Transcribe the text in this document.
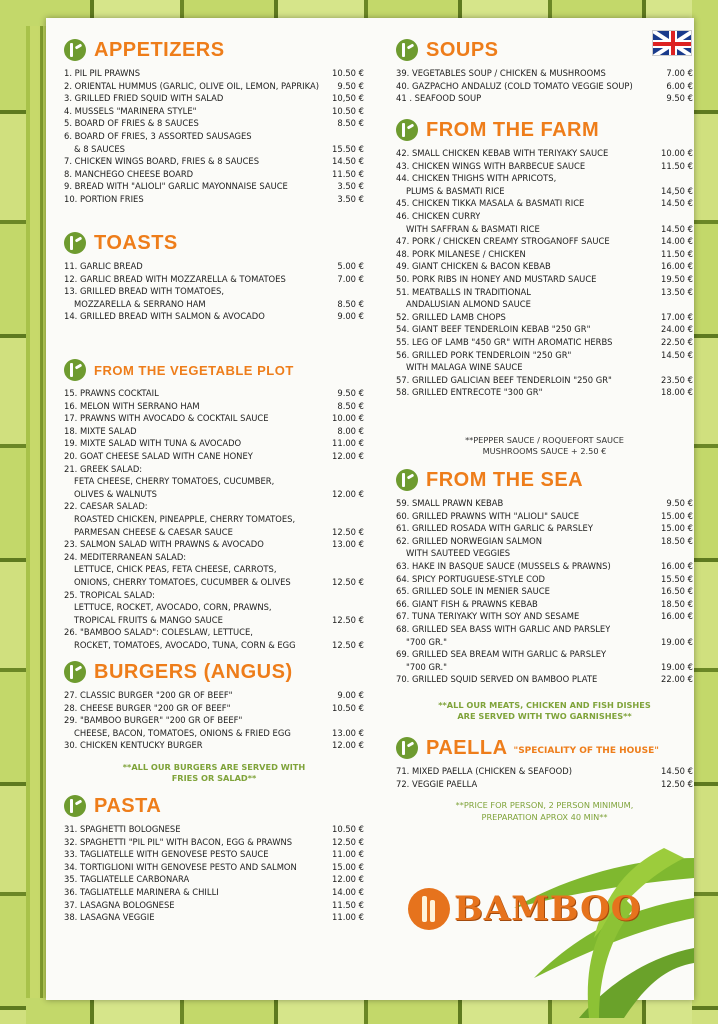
APPETIZERS
1. PIL PIL PRAWNS	10.50 €
2. ORIENTAL HUMMUS (GARLIC, OLIVE OIL, LEMON, PAPRIKA)	9.50 €
3. GRILLED FRIED SQUID WITH SALAD	10,50 €
4. MUSSELS "MARINERA STYLE"	10.50 €
5. BOARD OF FRIES & 8 SAUCES	8.50 €
6. BOARD OF FRIES, 3 ASSORTED SAUSAGES
& 8 SAUCES	15.50 €
7. CHICKEN WINGS BOARD, FRIES & 8 SAUCES	14.50 €
8. MANCHEGO CHEESE BOARD	11.50 €
9. BREAD WITH "ALIOLI" GARLIC MAYONNAISE SAUCE	3.50 €
10. PORTION FRIES	3.50 €
TOASTS
11. GARLIC BREAD	5.00 €
12. GARLIC BREAD WITH MOZZARELLA & TOMATOES	7.00 €
13. GRILLED BREAD WITH TOMATOES,
MOZZARELLA & SERRANO HAM	8.50 €
14. GRILLED BREAD WITH SALMON & AVOCADO	9.00 €
FROM THE VEGETABLE PLOT
15. PRAWNS COCKTAIL	9.50 €
16. MELON WITH SERRANO HAM	8.50 €
17. PRAWNS WITH AVOCADO & COCKTAIL SAUCE	10.00 €
18. MIXTE SALAD	8.00 €
19. MIXTE SALAD WITH TUNA & AVOCADO	11.00 €
20. GOAT CHEESE SALAD WITH CANE HONEY	12.00 €
21. GREEK SALAD:
FETA CHEESE, CHERRY TOMATOES, CUCUMBER,
OLIVES & WALNUTS	12.00 €
22. CAESAR SALAD:
ROASTED CHICKEN, PINEAPPLE, CHERRY TOMATOES,
PARMESAN CHEESE & CAESAR SAUCE	12.50 €
23. SALMON SALAD WITH PRAWNS & AVOCADO	13.00 €
24. MEDITERRANEAN SALAD:
LETTUCE, CHICK PEAS, FETA CHEESE, CARROTS,
ONIONS, CHERRY TOMATOES, CUCUMBER & OLIVES	12.50 €
25. TROPICAL SALAD:
LETTUCE, ROCKET, AVOCADO, CORN, PRAWNS,
TROPICAL FRUITS & MANGO SAUCE	12.50 €
26. "BAMBOO SALAD": COLESLAW, LETTUCE,
ROCKET, TOMATOES, AVOCADO, TUNA, CORN & EGG	12.50 €
BURGERS (ANGUS)
27. CLASSIC BURGER "200 GR OF BEEF"	9.00 €
28. CHEESE BURGER "200 GR OF BEEF"	10.50 €
29. "BAMBOO BURGER" "200 GR OF BEEF"
CHEESE, BACON, TOMATOES, ONIONS & FRIED EGG	13.00 €
30. CHICKEN KENTUCKY BURGER	12.00 €
**ALL OUR BURGERS ARE SERVED WITH
FRIES OR SALAD**
PASTA
31. SPAGHETTI BOLOGNESE	10.50 €
32. SPAGHETTI "PIL PIL" WITH BACON, EGG & PRAWNS	12.50 €
33. TAGLIATELLE WITH GENOVESE PESTO SAUCE	11.00 €
34. TORTIGLIONI WITH GENOVESE PESTO AND SALMON	15.00 €
35. TAGLIATELLE CARBONARA	12.00 €
36. TAGLIATELLE MARINERA & CHILLI	14.00 €
37. LASAGNA BOLOGNESE	11.50 €
38. LASAGNA VEGGIE	11.00 €
SOUPS
39. VEGETABLES SOUP / CHICKEN & MUSHROOMS	7.00 €
40. GAZPACHO ANDALUZ (COLD TOMATO VEGGIE SOUP)	6.00 €
41 . SEAFOOD SOUP	9.50 €
FROM THE FARM
42. SMALL CHICKEN KEBAB WITH TERIYAKY SAUCE	10.00 €
43. CHICKEN WINGS WITH BARBECUE SAUCE	11.50 €
44. CHICKEN THIGHS WITH APRICOTS,
PLUMS & BASMATI RICE	14,50 €
45. CHICKEN TIKKA MASALA & BASMATI RICE	14.50 €
46. CHICKEN CURRY
WITH SAFFRAN & BASMATI RICE	14.50 €
47. PORK / CHICKEN CREAMY STROGANOFF SAUCE	14.00 €
48. PORK MILANESE / CHICKEN	11.50 €
49. GIANT CHICKEN & BACON KEBAB	16.00 €
50. PORK RIBS IN HONEY AND MUSTARD SAUCE	19.50 €
51. MEATBALLS IN TRADITIONAL	13.50 €
ANDALUSIAN ALMOND SAUCE
52. GRILLED LAMB CHOPS	17.00 €
54. GIANT BEEF TENDERLOIN KEBAB "250 GR"	24.00 €
55. LEG OF LAMB "450 GR" WITH AROMATIC HERBS	22.50 €
56. GRILLED PORK TENDERLOIN "250 GR"	14.50 €
WITH MALAGA WINE SAUCE
57. GRILLED GALICIAN BEEF TENDERLOIN "250 GR"	23.50 €
58. GRILLED ENTRECOTE "300 GR"	18.00 €
**PEPPER SAUCE / ROQUEFORT SAUCE
MUSHROOMS SAUCE + 2.50 €
FROM THE SEA
59. SMALL PRAWN KEBAB	9.50 €
60. GRILLED PRAWNS WITH "ALIOLI" SAUCE	15.00 €
61. GRILLED ROSADA WITH GARLIC & PARSLEY	15.00 €
62. GRILLED NORWEGIAN SALMON	18.50 €
WITH SAUTEED VEGGIES
63. HAKE IN BASQUE SAUCE (MUSSELS & PRAWNS)	16.00 €
64. SPICY PORTUGUESE-STYLE COD	15.50 €
65. GRILLED SOLE IN MENIER SAUCE	16.50 €
66. GIANT FISH & PRAWNS KEBAB	18.50 €
67. TUNA TERIYAKY WITH SOY AND SESAME	16.00 €
68. GRILLED SEA BASS WITH GARLIC AND PARSLEY
"700 GR."	19.00 €
69. GRILLED SEA BREAM WITH GARLIC & PARSLEY
"700 GR."	19.00 €
70. GRILLED SQUID SERVED ON BAMBOO PLATE	22.00 €
**ALL OUR MEATS, CHICKEN AND FISH DISHES
ARE SERVED WITH TWO GARNISHES**
PAELLA "SPECIALITY OF THE HOUSE"
71. MIXED PAELLA (CHICKEN & SEAFOOD)	14.50 €
72. VEGGIE PAELLA	12.50 €
**PRICE FOR PERSON, 2 PERSON MINIMUM,
PREPARATION APROX 40 MIN**
BAMBOO
